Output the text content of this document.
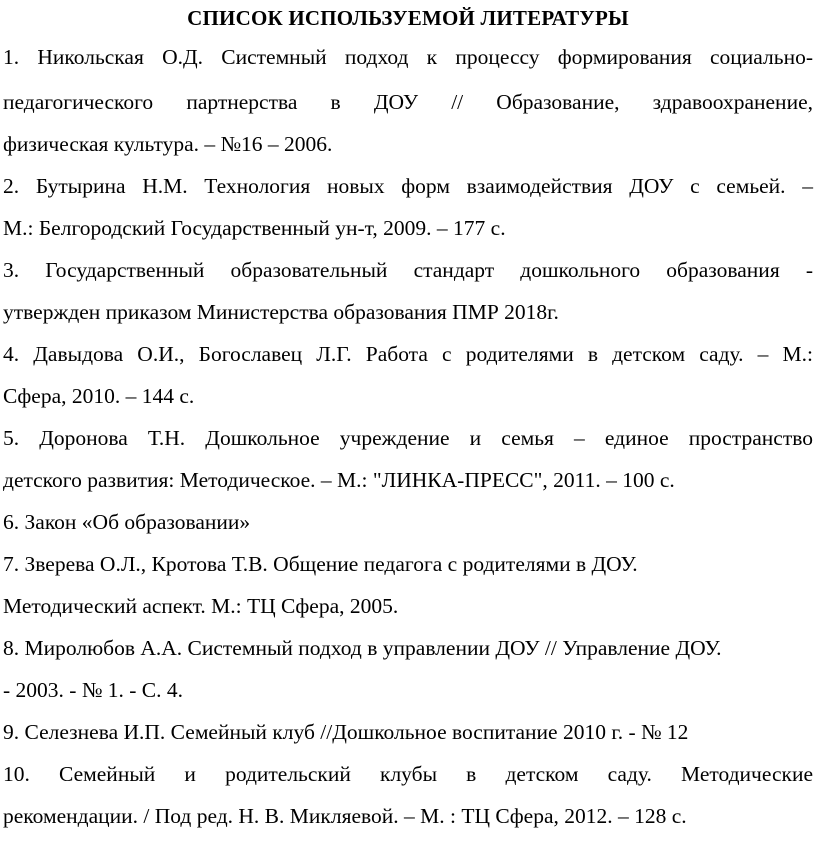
СПИСОК ИСПОЛЬЗУЕМОЙ ЛИТЕРАТУРЫ
1. Никольская О.Д. Системный подход к процессу формирования социально-
педагогического партнерства в ДОУ // Образование, здравоохранение,
физическая культура. – №16 – 2006.
2. Бутырина Н.М. Технология новых форм взаимодействия ДОУ с семьей. –
М.: Белгородский Государственный ун-т, 2009. – 177 с.
3. Государственный образовательный стандарт дошкольного образования -
утвержден приказом Министерства образования ПМР 2018г.
4. Давыдова О.И., Богославец Л.Г. Работа с родителями в детском саду. – М.:
Сфера, 2010. – 144 с.
5. Доронова Т.Н. Дошкольное учреждение и семья – единое пространство
детского развития: Методическое. – М.: "ЛИНКА-ПРЕСС", 2011. – 100 с.
6. Закон «Об образовании»
7. Зверева О.Л., Кротова Т.В. Общение педагога с родителями в ДОУ.
Методический аспект. М.: ТЦ Сфера, 2005.
8. Миролюбов А.А. Системный подход в управлении ДОУ // Управление ДОУ.
- 2003. - № 1. - С. 4.
9. Селезнева И.П. Семейный клуб //Дошкольное воспитание 2010 г. - № 12
10. Семейный и родительский клубы в детском саду. Методические
рекомендации. / Под ред. Н. В. Микляевой. – М. : ТЦ Сфера, 2012. – 128 с.
